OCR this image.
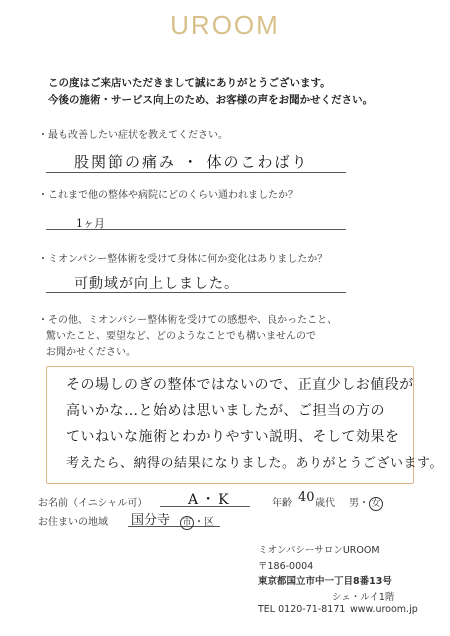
UROOM
この度はご来店いただきまして誠にありがとうございます。
今後の施術・サービス向上のため、お客様の声をお聞かせください。
・最も改善したい症状を教えてください。
股関節の痛み ・ 体のこわばり
・これまで他の整体や病院にどのくらい通われましたか？
1ヶ月
・ミオンパシー整体術を受けて身体に何か変化はありましたか？
可動域が向上しました。
・その他、ミオンパシー整体術を受けての感想や、良かったこと、
驚いたこと、要望など、どのようなことでも構いませんので
お聞かせください。
その場しのぎの整体ではないので、正直少しお値段が
高いかな…と始めは思いましたが、ご担当の方の
ていねいな施術とわかりやすい説明、そして効果を
考えたら、納得の結果になりました。ありがとうございます。
お名前（イニシャル可）	A・K	年齢 40 歳代 男・ 女
お住まいの地域 国分寺 市 ・区
ミオンパシーサロンUROOM
〒186-0004
東京都国立市中一丁目8番13号
シェ・ルイ1階
TEL 0120-71-8171 www.uroom.jp
